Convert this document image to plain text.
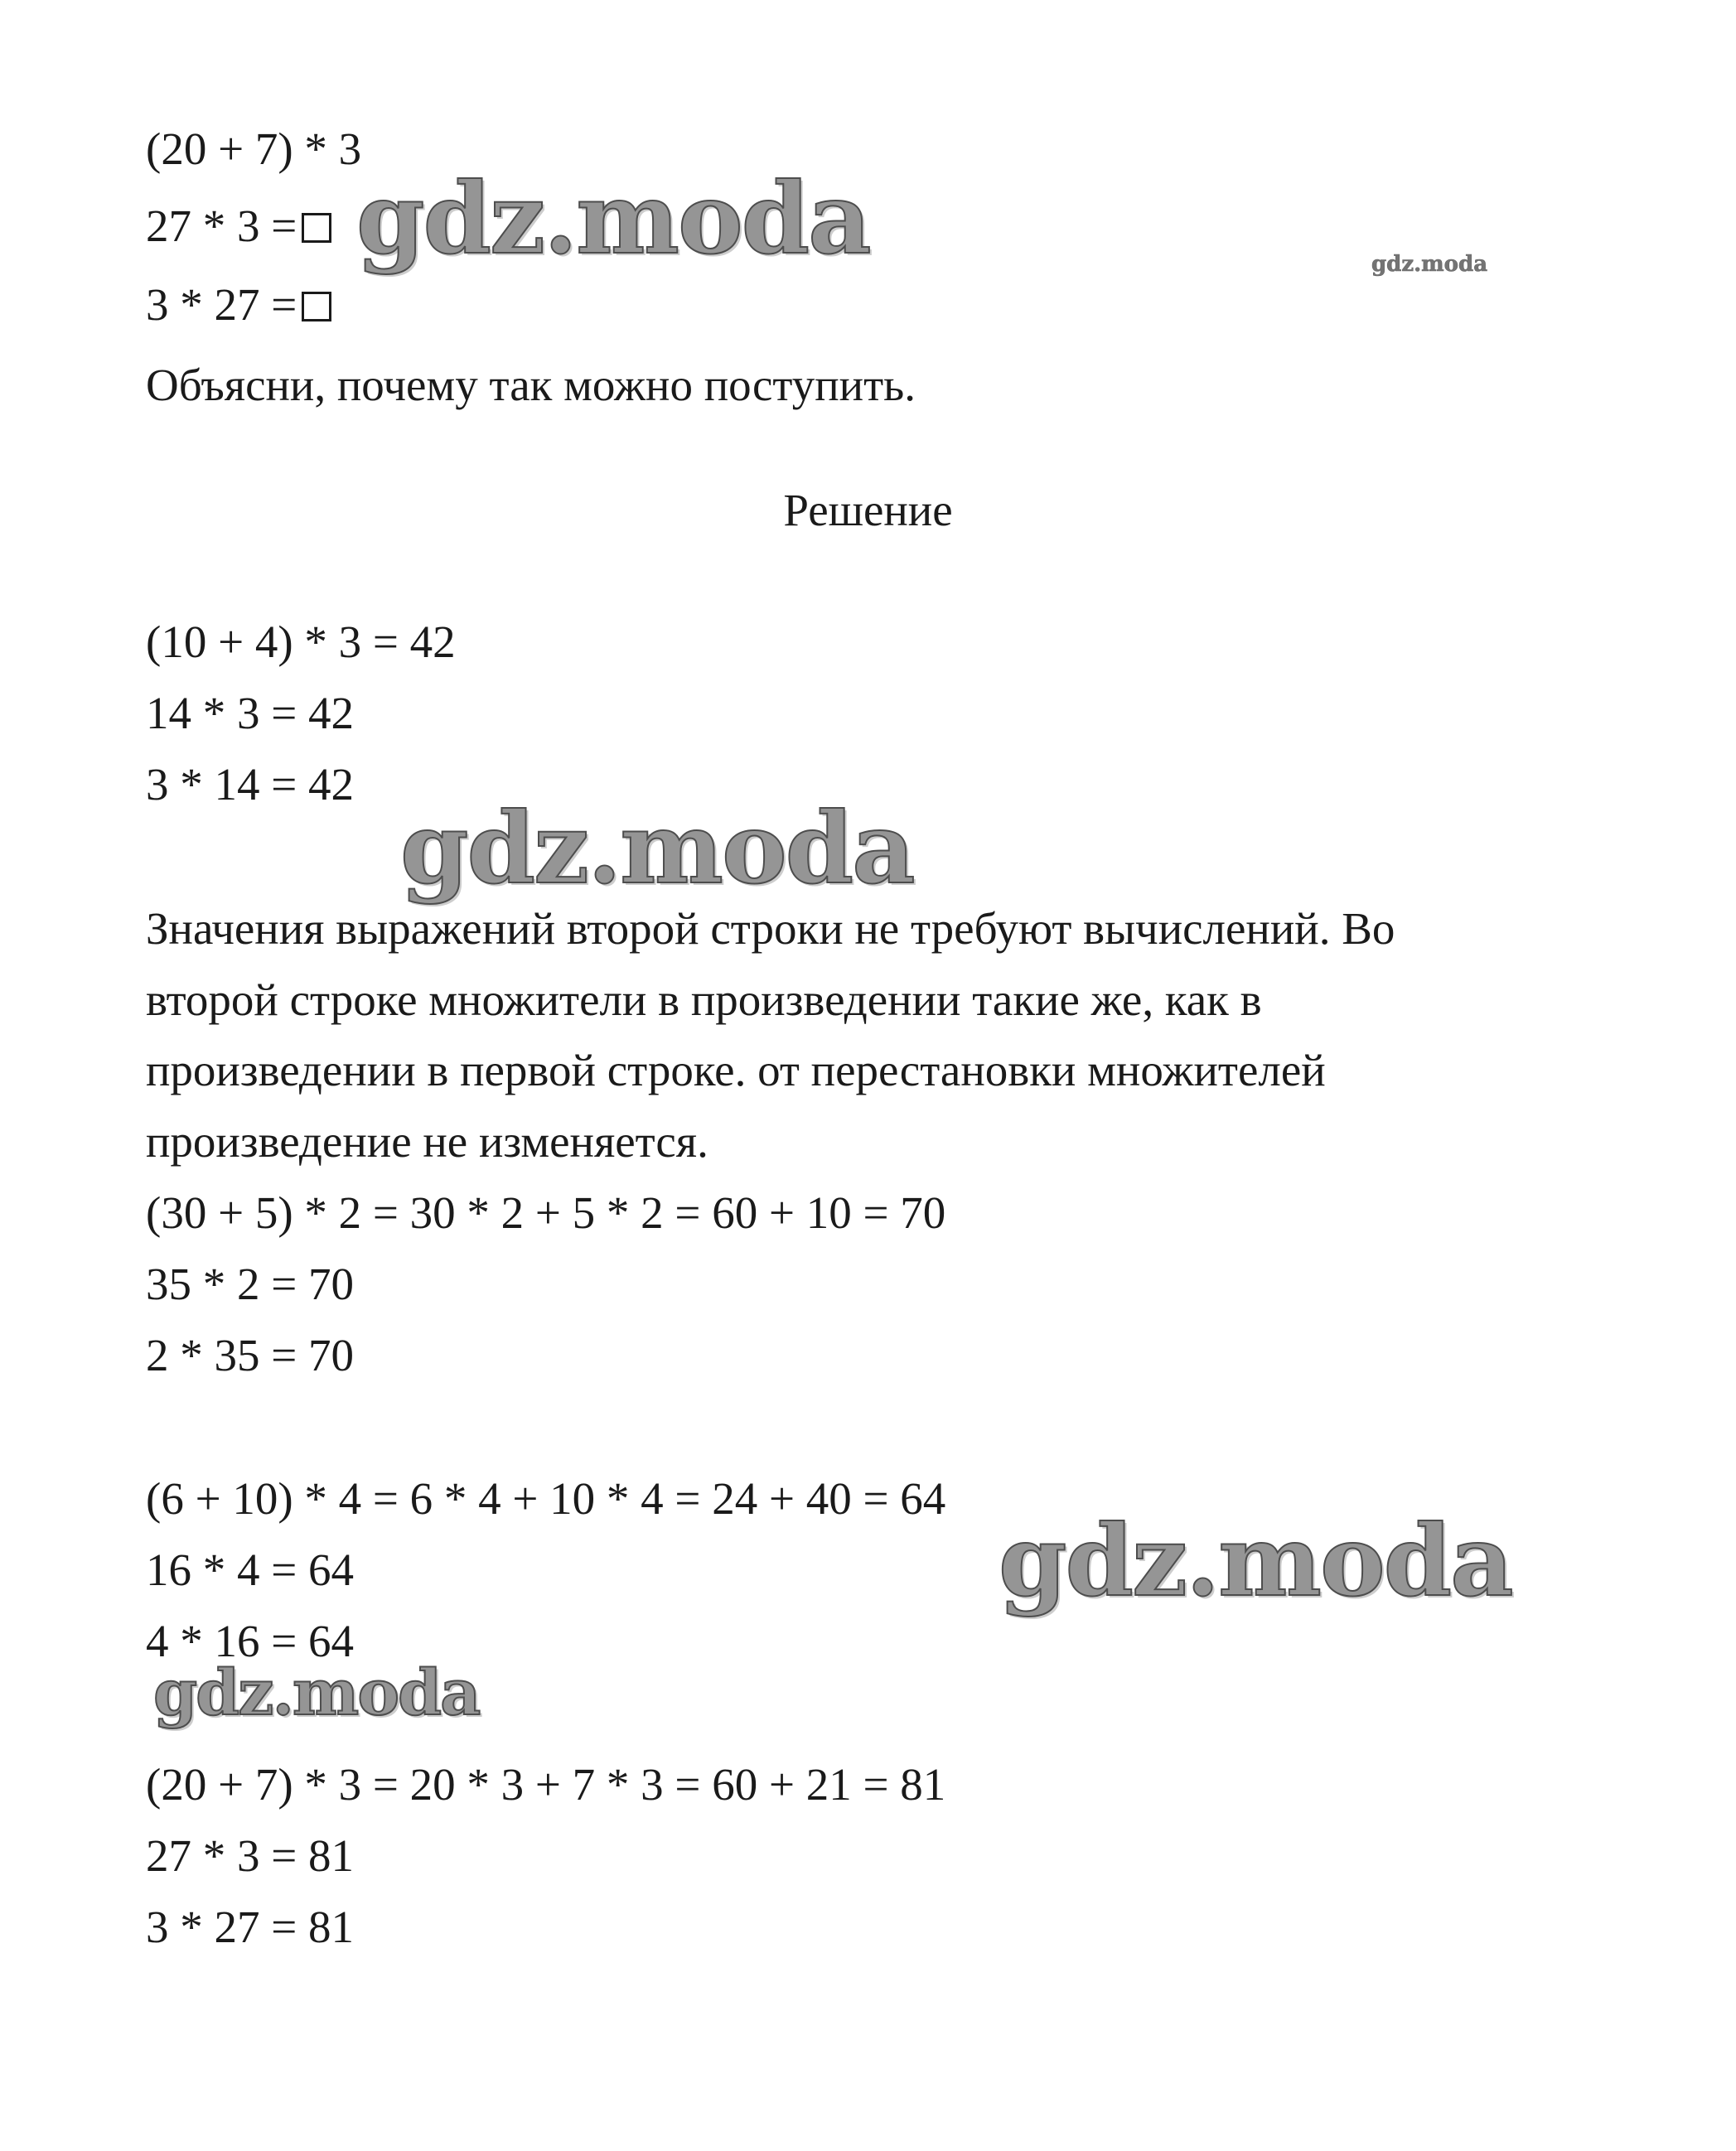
(20 + 7) * 3
27 * 3 =
3 * 27 =
Объясни, почему так можно поступить.
Решение
(10 + 4) * 3 = 42
14 * 3 = 42
3 * 14 = 42
Значения выражений второй строки не требуют вычислений. Во
второй строке множители в произведении такие же, как в
произведении в первой строке. от перестановки множителей
произведение не изменяется.
(30 + 5) * 2 = 30 * 2 + 5 * 2 = 60 + 10 = 70
35 * 2 = 70
2 * 35 = 70
(6 + 10) * 4 = 6 * 4 + 10 * 4 = 24 + 40 = 64
16 * 4 = 64
4 * 16 = 64
(20 + 7) * 3 = 20 * 3 + 7 * 3 = 60 + 21 = 81
27 * 3 = 81
3 * 27 = 81
gdz.moda	gdz.moda
gdz.moda
gdz.moda
gdz.moda
